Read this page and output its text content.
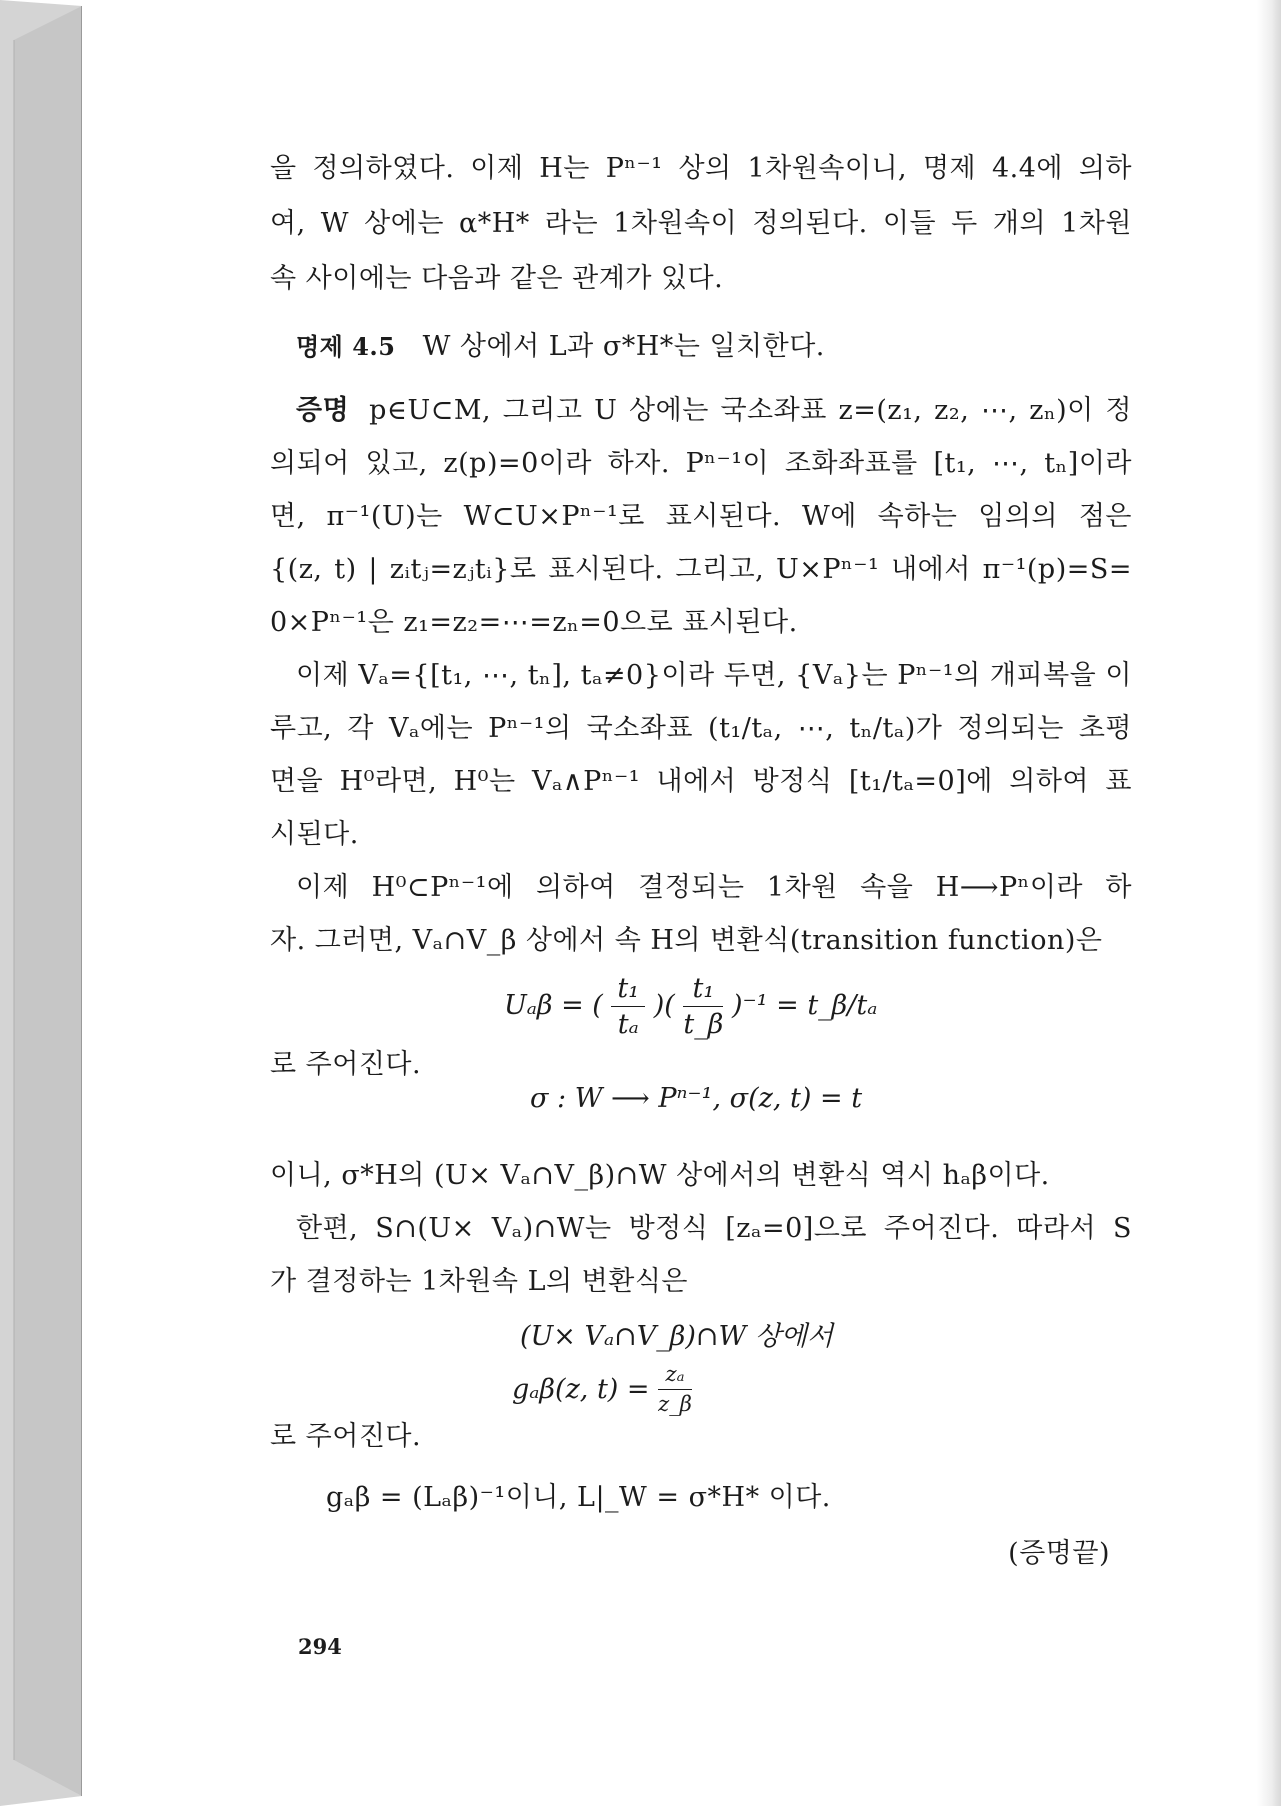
을 정의하였다. 이제 H는 Pⁿ⁻¹ 상의 1차원속이니, 명제 4.4에 의하
여, W 상에는 α*H* 라는 1차원속이 정의된다. 이들 두 개의 1차원
속 사이에는 다음과 같은 관계가 있다.
명제 4.5 W 상에서 L과 σ*H*는 일치한다.
증명 p∈U⊂M, 그리고 U 상에는 국소좌표 z=(z₁, z₂, ⋯, zₙ)이 정
의되어 있고, z(p)=0이라 하자. Pⁿ⁻¹이 조화좌표를 [t₁, ⋯, tₙ]이라
면, π⁻¹(U)는 W⊂U×Pⁿ⁻¹로 표시된다. W에 속하는 임의의 점은
{(z, t) | zᵢtⱼ=zⱼtᵢ}로 표시된다. 그리고, U×Pⁿ⁻¹ 내에서 π⁻¹(p)=S=
0×Pⁿ⁻¹은 z₁=z₂=⋯=zₙ=0으로 표시된다.
이제 Vₐ={[t₁, ⋯, tₙ], tₐ≠0}이라 두면, {Vₐ}는 Pⁿ⁻¹의 개피복을 이
루고, 각 Vₐ에는 Pⁿ⁻¹의 국소좌표 (t₁/tₐ, ⋯, tₙ/tₐ)가 정의되는 초평
면을 H⁰라면, H⁰는 Vₐ∧Pⁿ⁻¹ 내에서 방정식 [t₁/tₐ=0]에 의하여 표
시된다.
이제 H⁰⊂Pⁿ⁻¹에 의하여 결정되는 1차원 속을 H⟶Pⁿ이라 하
자. 그러면, Vₐ∩V_β 상에서 속 H의 변환식(transition function)은
Uₐβ = ( $\frac{\text{t₁}}{\text{tₐ}}$ )( $\frac{\text{t₁}}{t\_\beta} )^{-1}$ = t_β/tₐ
로 주어진다.
σ : W ⟶ Pⁿ⁻¹, σ(z, t) = t
이니, σ*H의 (U× Vₐ∩V_β)∩W 상에서의 변환식 역시 hₐβ이다.
한편, S∩(U× Vₐ)∩W는 방정식 [zₐ=0]으로 주어진다. 따라서 S
가 결정하는 1차원속 L의 변환식은
(U× Vₐ∩V_β)∩W 상에서
gₐβ(z, $t) = \frac{\text{zₐ}}{z\_\beta}$
로 주어진다.
gₐβ = (Lₐβ)⁻¹이니, L|_W = σ*H* 이다.
(증명끝)
294
